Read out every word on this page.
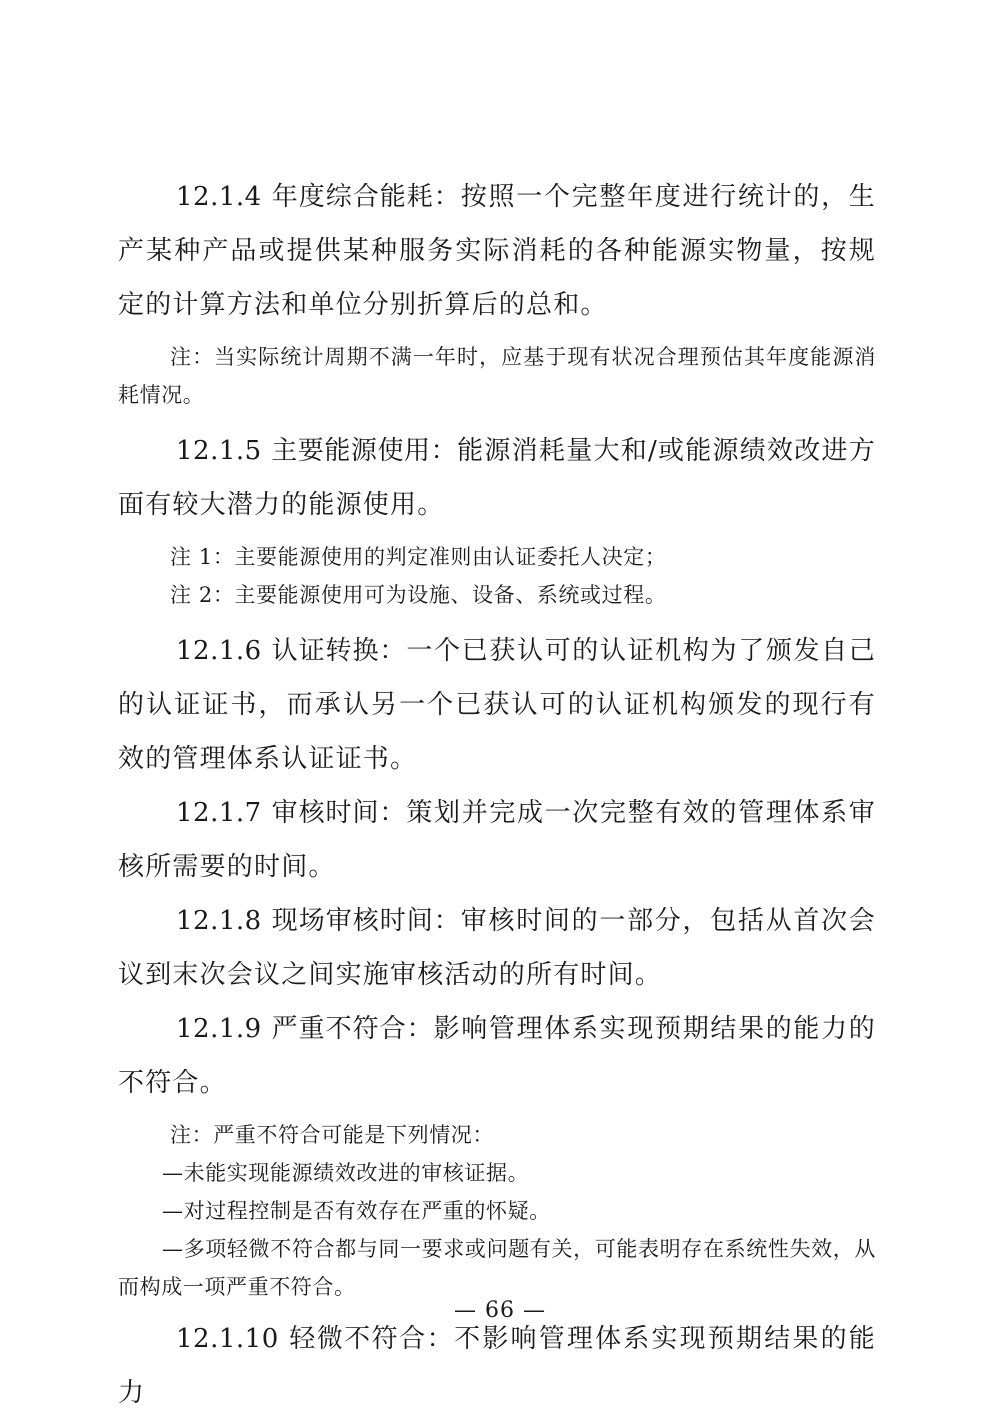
12.1.4 年度综合能耗：按照一个完整年度进行统计的，生产某种产品或提供某种服务实际消耗的各种能源实物量，按规定的计算方法和单位分别折算后的总和。

注：当实际统计周期不满一年时，应基于现有状况合理预估其年度能源消耗情况。

12.1.5 主要能源使用：能源消耗量大和/或能源绩效改进方面有较大潜力的能源使用。

注 1：主要能源使用的判定准则由认证委托人决定；

注 2：主要能源使用可为设施、设备、系统或过程。

12.1.6 认证转换：一个已获认可的认证机构为了颁发自己的认证证书，而承认另一个已获认可的认证机构颁发的现行有效的管理体系认证证书。

12.1.7 审核时间：策划并完成一次完整有效的管理体系审核所需要的时间。

12.1.8 现场审核时间：审核时间的一部分，包括从首次会议到末次会议之间实施审核活动的所有时间。

12.1.9 严重不符合：影响管理体系实现预期结果的能力的不符合。

注：严重不符合可能是下列情况：

—未能实现能源绩效改进的审核证据。

—对过程控制是否有效存在严重的怀疑。

—多项轻微不符合都与同一要求或问题有关，可能表明存在系统性失效，从而构成一项严重不符合。

12.1.10 轻微不符合：不影响管理体系实现预期结果的能力

— 66 —
